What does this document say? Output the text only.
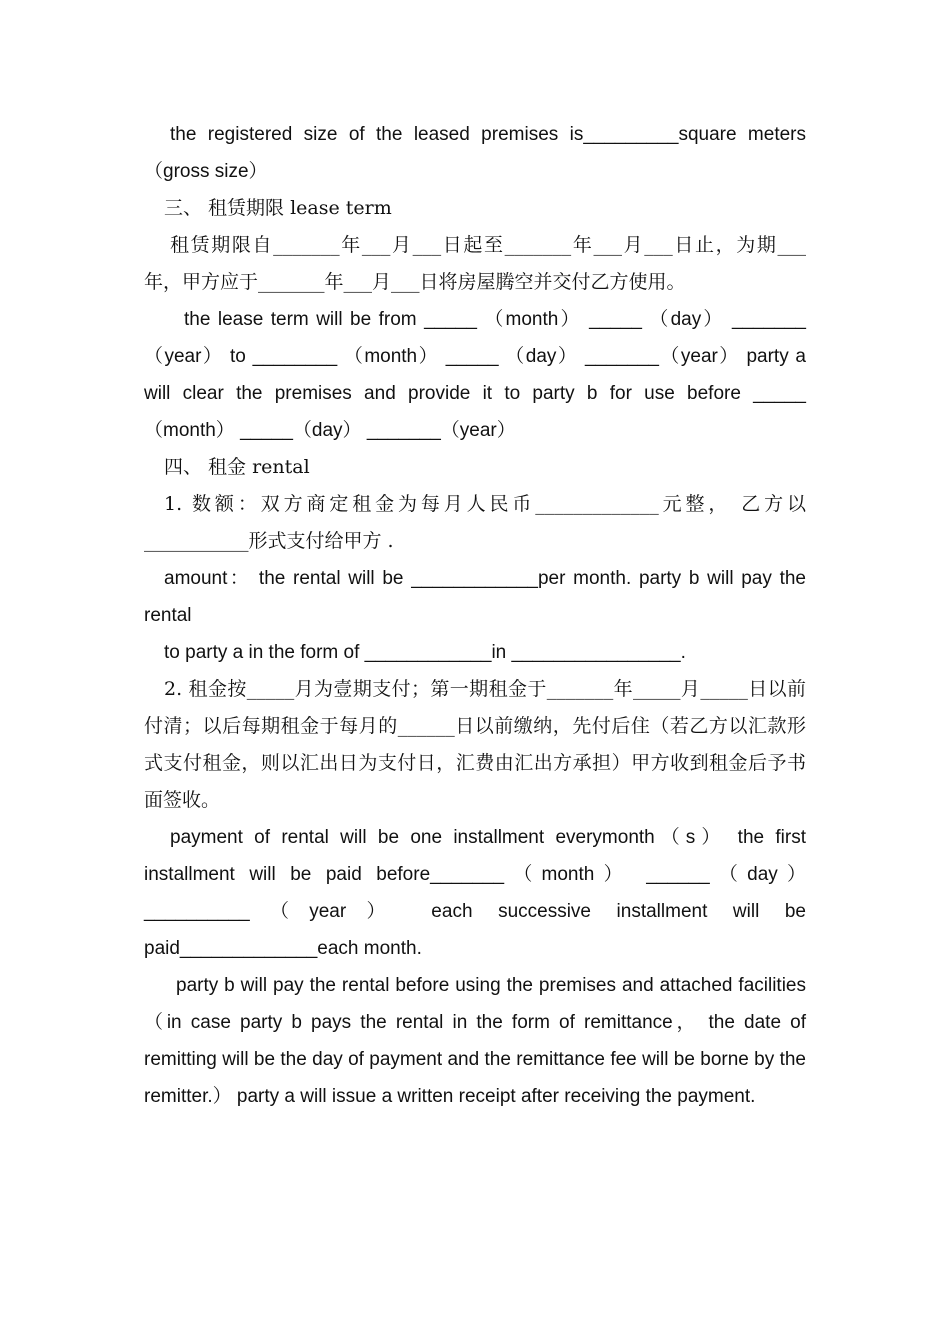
the registered size of the leased premises is_________square meters （gross size）

三、 租赁期限 lease term

租赁期限自_______年___月___日起至_______年___月___日止，为期___年，甲方应于_______年___月___日将房屋腾空并交付乙方使用。

the lease term will be from _____ （month） _____ （day） _______ （year） to ________ （month） _____ （day） _______（year） party a will clear the premises and provide it to party b for use before _____（month） _____（day） _______（year）

四、 租金 rental

1. 数额：双方商定租金为每月人民币_____________元整， 乙方以___________形式支付给甲方 .

amount： the rental will be ____________per month. party b will pay the rental

to party a in the form of ____________in ________________.

2. 租金按_____月为壹期支付；第一期租金于_______年_____月_____日以前付清；以后每期租金于每月的______日以前缴纳，先付后住（若乙方以汇款形式支付租金，则以汇出日为支付日，汇费由汇出方承担）甲方收到租金后予书面签收。

payment of rental will be one installment everymonth（s） the first installment will be paid before_______（month） ______（day） __________（year） each successive installment will be paid_____________each month.

party b will pay the rental before using the premises and attached facilities （in case party b pays the rental in the form of remittance， the date of remitting will be the day of payment and the remittance fee will be borne by the remitter.） party a will issue a written receipt after receiving the payment.
